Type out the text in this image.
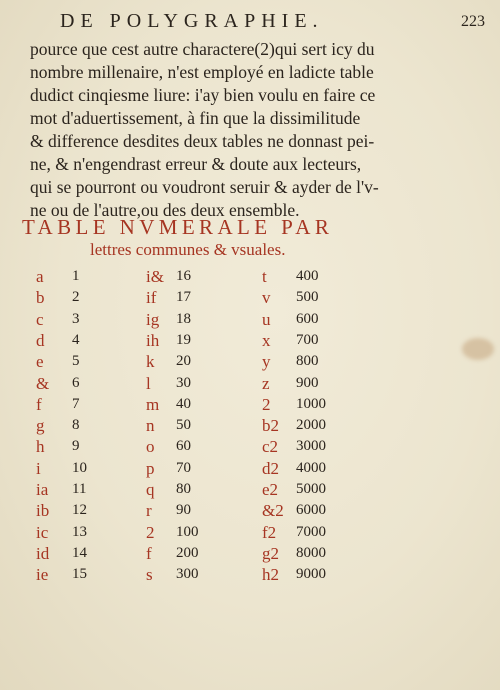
DE POLYGRAPHIE.	223
pource que cest autre charactere(2)qui sert icy du
nombre millenaire, n'est employé en ladicte table
dudict cinqiesme liure: i'ay bien voulu en faire ce
mot d'aduertissement, à fin que la dissimilitude
& difference desdites deux tables ne donnast pei-
ne, & n'engendrast erreur & doute aux lecteurs,
qui se pourront ou voudront seruir & ayder de l'v-
ne ou de l'autre,ou des deux ensemble.
TABLE NVMERALE PAR
lettres communes & vsuales.
a 1	i& 16	t 400
b 2	if 17	v 500
c 3	ig 18	u 600
d 4	ih 19	x 700
e 5	k 20	y 800
& 6	l 30	z 900
f 7	m 40	2 1000
g 8	n 50	b2 2000
h 9	o 60	c2 3000
i 10	p 70	d2 4000
ia 11	q 80	e2 5000
ib 12	r 90	&2 6000
ic 13	2 100	f2 7000
id 14	f 200	g2 8000
ie 15	s 300	h2 9000
